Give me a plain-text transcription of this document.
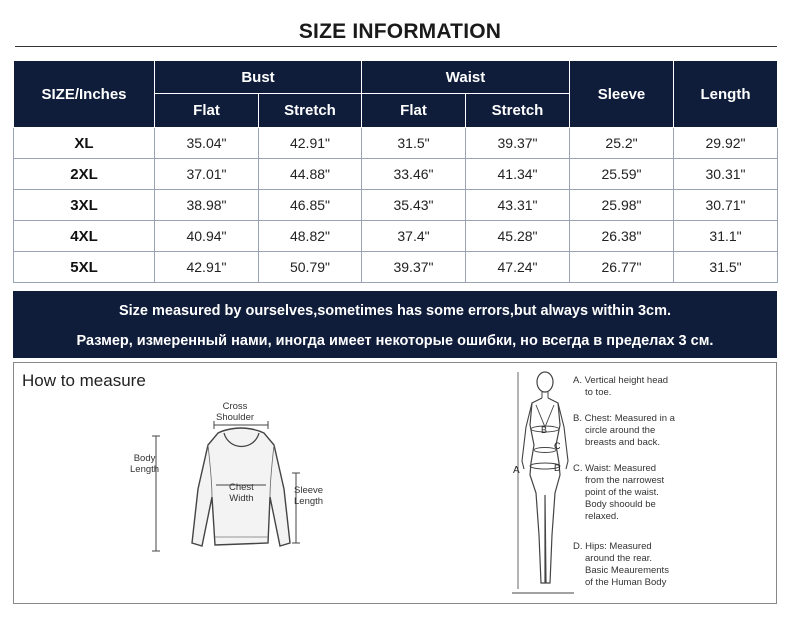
SIZE INFORMATION
SIZE/Inches	Bust		Waist		Sleeve	Length
	Flat	Stretch	Flat	Stretch		
XL	35.04"	42.91"	31.5"	39.37"	25.2"	29.92"
2XL	37.01"	44.88"	33.46"	41.34"	25.59"	30.31"
3XL	38.98"	46.85"	35.43"	43.31"	25.98"	30.71"
4XL	40.94"	48.82"	37.4"	45.28"	26.38"	31.1"
5XL	42.91"	50.79"	39.37"	47.24"	26.77"	31.5"
Size measured by ourselves,sometimes has some errors,but always within 3cm.
Размер, измеренный нами, иногда имеет некоторые ошибки, но всегда в пределах 3 см.
How to measure
Cross
Shoulder
Body
Length
Chest
Width
Sleeve
Length
A
B
C
D
A. Vertical height head
to toe.
B. Chest: Measured in a
circle around the
breasts and back.
C. Waist: Measured
from the narrowest
point of the waist.
Body shoould be
relaxed.
D. Hips: Measured
around the rear.
Basic Meaurements
of the Human Body
